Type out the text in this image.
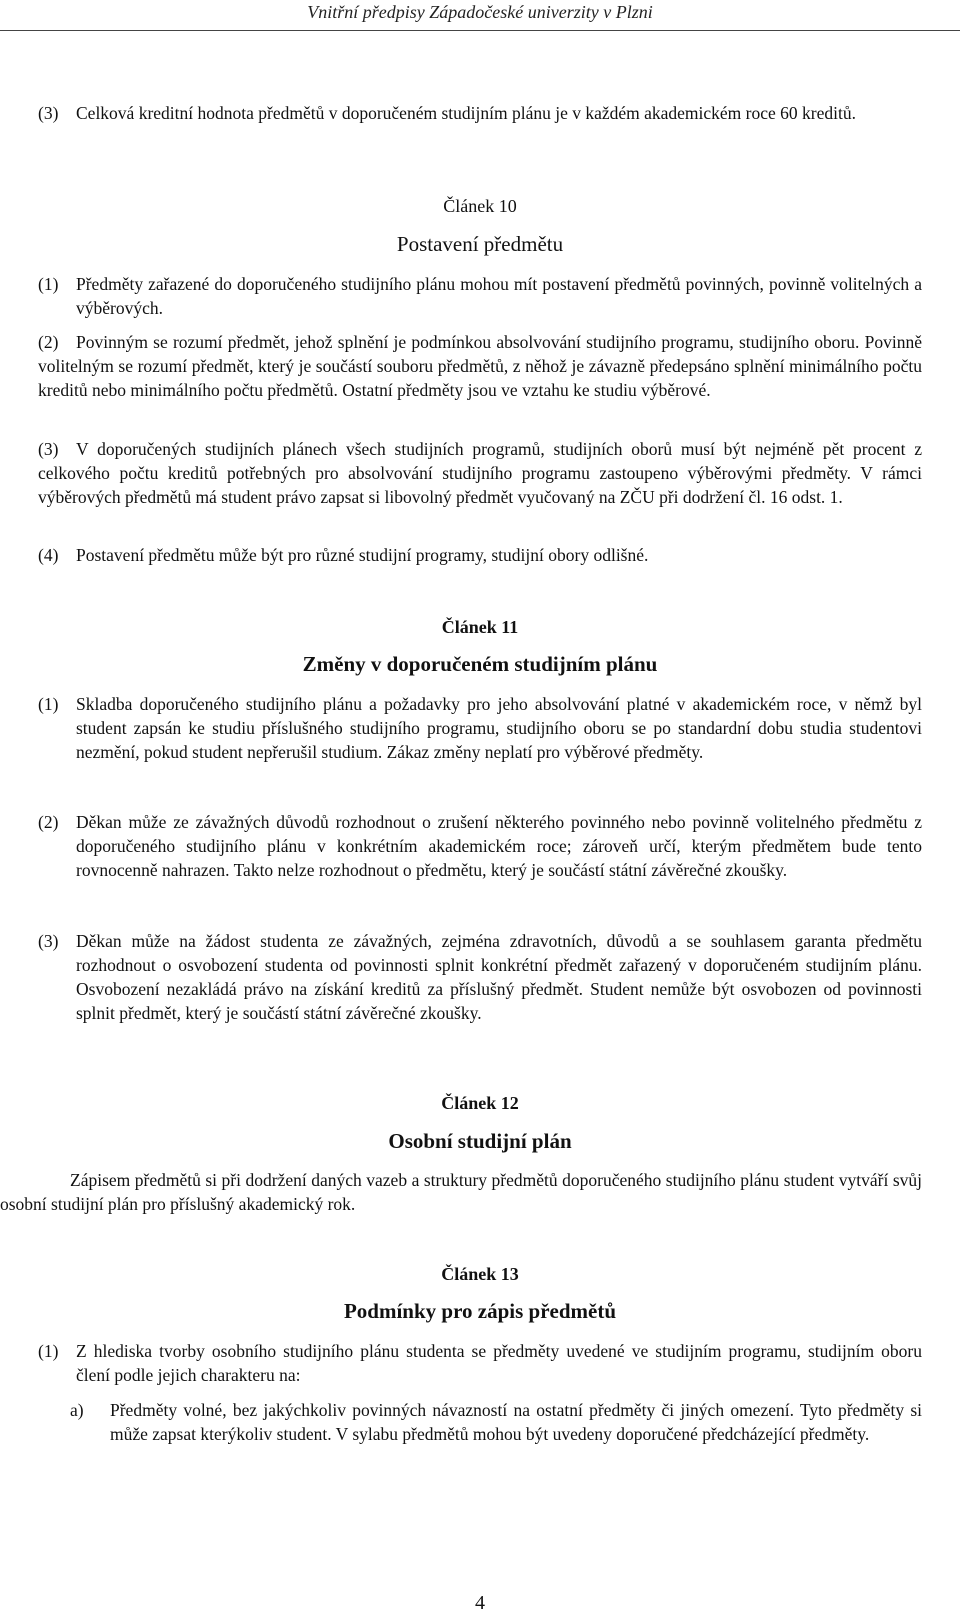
Vnitřní předpisy Západočeské univerzity v Plzni
(3) Celková kreditní hodnota předmětů v doporučeném studijním plánu je v každém akademickém roce 60 kreditů.
Článek 10
Postavení předmětu
(1) Předměty zařazené do doporučeného studijního plánu mohou mít postavení předmětů povinných, povinně volitelných a výběrových.
(2) Povinným se rozumí předmět, jehož splnění je podmínkou absolvování studijního programu, studijního oboru. Povinně volitelným se rozumí předmět, který je součástí souboru předmětů, z něhož je závazně předepsáno splnění minimálního počtu kreditů nebo minimálního počtu předmětů. Ostatní předměty jsou ve vztahu ke studiu výběrové.
(3) V doporučených studijních plánech všech studijních programů, studijních oborů musí být nejméně pět procent z celkového počtu kreditů potřebných pro absolvování studijního programu zastoupeno výběrovými předměty. V rámci výběrových předmětů má student právo zapsat si libovolný předmět vyučovaný na ZČU při dodržení čl. 16 odst. 1.
(4) Postavení předmětu může být pro různé studijní programy, studijní obory odlišné.
Článek 11
Změny v doporučeném studijním plánu
(1) Skladba doporučeného studijního plánu a požadavky pro jeho absolvování platné v akademickém roce, v němž byl student zapsán ke studiu příslušného studijního programu, studijního oboru se po standardní dobu studia studentovi nezmění, pokud student nepřerušil studium. Zákaz změny neplatí pro výběrové předměty.
(2) Děkan může ze závažných důvodů rozhodnout o zrušení některého povinného nebo povinně volitelného předmětu z doporučeného studijního plánu v konkrétním akademickém roce; zároveň určí, kterým předmětem bude tento rovnocenně nahrazen. Takto nelze rozhodnout o předmětu, který je součástí státní závěrečné zkoušky.
(3) Děkan může na žádost studenta ze závažných, zejména zdravotních, důvodů a se souhlasem garanta předmětu rozhodnout o osvobození studenta od povinnosti splnit konkrétní předmět zařazený v doporučeném studijním plánu. Osvobození nezakládá právo na získání kreditů za příslušný předmět. Student nemůže být osvobozen od povinnosti splnit předmět, který je součástí státní závěrečné zkoušky.
Článek 12
Osobní studijní plán
Zápisem předmětů si při dodržení daných vazeb a struktury předmětů doporučeného studijního plánu student vytváří svůj osobní studijní plán pro příslušný akademický rok.
Článek 13
Podmínky pro zápis předmětů
(1) Z hlediska tvorby osobního studijního plánu studenta se předměty uvedené ve studijním programu, studijním oboru člení podle jejich charakteru na:
a) Předměty volné, bez jakýchkoliv povinných návazností na ostatní předměty či jiných omezení. Tyto předměty si může zapsat kterýkoliv student. V sylabu předmětů mohou být uvedeny doporučené předcházející předměty.
4
